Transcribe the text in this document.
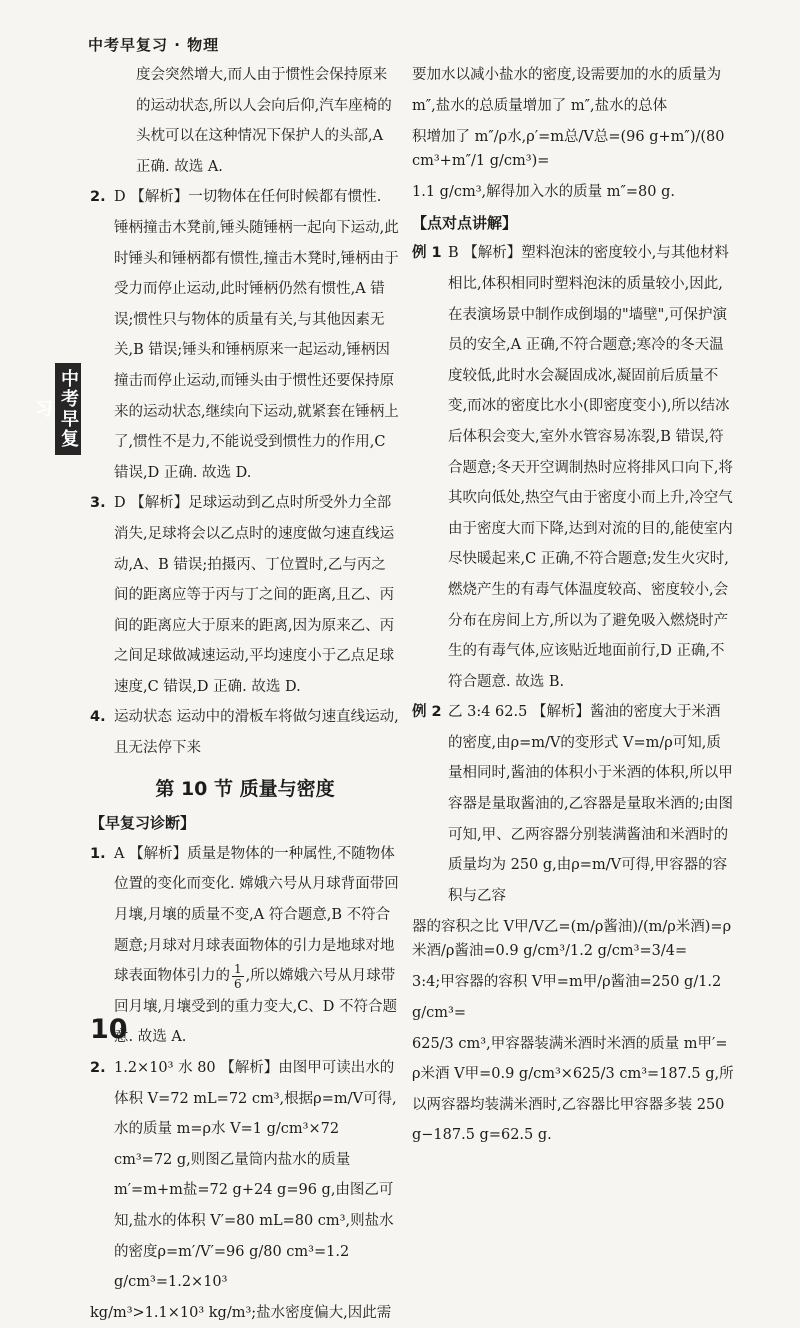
中考早复习 · 物理
中考早复习

度会突然增大,而人由于惯性会保持原来的运动状态,所以人会向后仰,汽车座椅的头枕可以在这种情况下保护人的头部,A 正确. 故选 A.

2. D 【解析】一切物体在任何时候都有惯性. 锤柄撞击木凳前,锤头随锤柄一起向下运动,此时锤头和锤柄都有惯性,撞击木凳时,锤柄由于受力而停止运动,此时锤柄仍然有惯性,A 错误;惯性只与物体的质量有关,与其他因素无关,B 错误;锤头和锤柄原来一起运动,锤柄因撞击而停止运动,而锤头由于惯性还要保持原来的运动状态,继续向下运动,就紧套在锤柄上了,惯性不是力,不能说受到惯性力的作用,C 错误,D 正确. 故选 D.

3. D 【解析】足球运动到乙点时所受外力全部消失,足球将会以乙点时的速度做匀速直线运动,A、B 错误;拍摄丙、丁位置时,乙与丙之间的距离应等于丙与丁之间的距离,且乙、丙间的距离应大于原来的距离,因为原来乙、丙之间足球做减速运动,平均速度小于乙点足球速度,C 错误,D 正确. 故选 D.

4. 运动状态 运动中的滑板车将做匀速直线运动,且无法停下来

第 10 节 质量与密度
【早复习诊断】
1. A 【解析】质量是物体的一种属性,不随物体位置的变化而变化. 嫦娥六号从月球背面带回月壤,月壤的质量不变,A 符合题意,B 不符合题意;月球对月球表面物体的引力是地球对地球表面物体引力的 $\frac{1}{6}$ ,所以嫦娥六号从月球带回月壤,月壤受到的重力变大,C、D 不符合题意. 故选 A.

2. 1.2×10³ 水 80 【解析】由图甲可读出水的体积 V=72 mL=72 cm³,根据ρ=m/V可得,水的质量 m=ρ水 V=1 g/cm³×72 cm³=72 g,则图乙量筒内盐水的质量 m′=m+m盐=72 g+24 g=96 g,由图乙可知,盐水的体积 V′=80 mL=80 cm³,则盐水的密度ρ=m′/V′=96 g/80 cm³=1.2 g/cm³=1.2×10³

kg/m³>1.1×10³ kg/m³;盐水密度偏大,因此需

要加水以减小盐水的密度,设需要加的水的质量为 m″,盐水的总质量增加了 m″,盐水的总体

积增加了 m″/ρ水,ρ′=m总/V总=(96 g+m″)/(80 cm³+m″/1 g/cm³)=

1.1 g/cm³,解得加入水的质量 m″=80 g.

【点对点讲解】
例 1 B 【解析】塑料泡沫的密度较小,与其他材料相比,体积相同时塑料泡沫的质量较小,因此,在表演场景中制作成倒塌的"墙壁",可保护演员的安全,A 正确,不符合题意;寒冷的冬天温度较低,此时水会凝固成冰,凝固前后质量不变,而冰的密度比水小(即密度变小),所以结冰后体积会变大,室外水管容易冻裂,B 错误,符合题意;冬天开空调制热时应将排风口向下,将其吹向低处,热空气由于密度小而上升,冷空气由于密度大而下降,达到对流的目的,能使室内尽快暖起来,C 正确,不符合题意;发生火灾时,燃烧产生的有毒气体温度较高、密度较小,会分布在房间上方,所以为了避免吸入燃烧时产生的有毒气体,应该贴近地面前行,D 正确,不符合题意. 故选 B.

例 2 乙 3:4 62.5 【解析】酱油的密度大于米酒的密度,由ρ=m/V的变形式 V=m/ρ可知,质量相同时,酱油的体积小于米酒的体积,所以甲容器是量取酱油的,乙容器是量取米酒的;由图可知,甲、乙两容器分别装满酱油和米酒时的质量均为 250 g,由ρ=m/V可得,甲容器的容积与乙容

器的容积之比 V甲/V乙=(m/ρ酱油)/(m/ρ米酒)=ρ米酒/ρ酱油=0.9 g/cm³/1.2 g/cm³=3/4=

3:4;甲容器的容积 V甲=m甲/ρ酱油=250 g/1.2 g/cm³=

625/3 cm³,甲容器装满米酒时米酒的质量 m甲′=

ρ米酒 V甲=0.9 g/cm³×625/3 cm³=187.5 g,所以两容器均装满米酒时,乙容器比甲容器多装 250 g−187.5 g=62.5 g.

10
